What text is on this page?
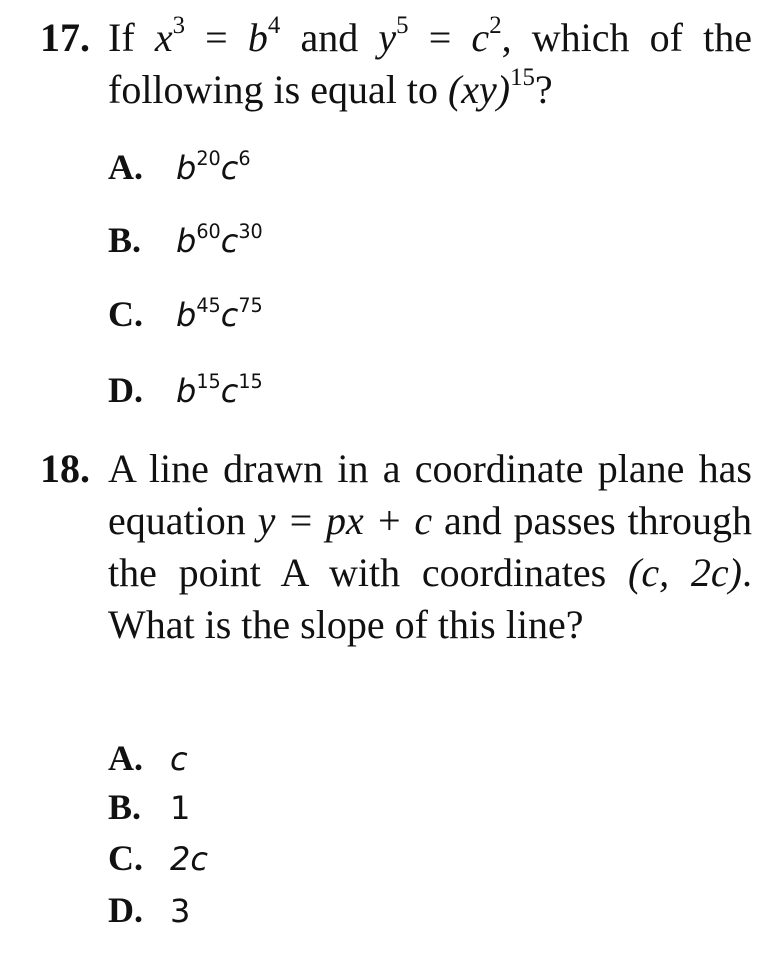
17. If $x^3 = b^4$ and $y^5 = c^2$, which of the following is equal to (xy)$^{15}$?
A. $b^{20}c^6$
B. $b^{60}c^{30}$
C. $b^{45}c^{75}$
D. $b^{15}c^{15}$
18. A line drawn in a coordinate plane has equation y = px + c and passes through the point A with coordinates (c, 2c). What is the slope of this line?
A. c
B. 1
C. 2c
D. 3
